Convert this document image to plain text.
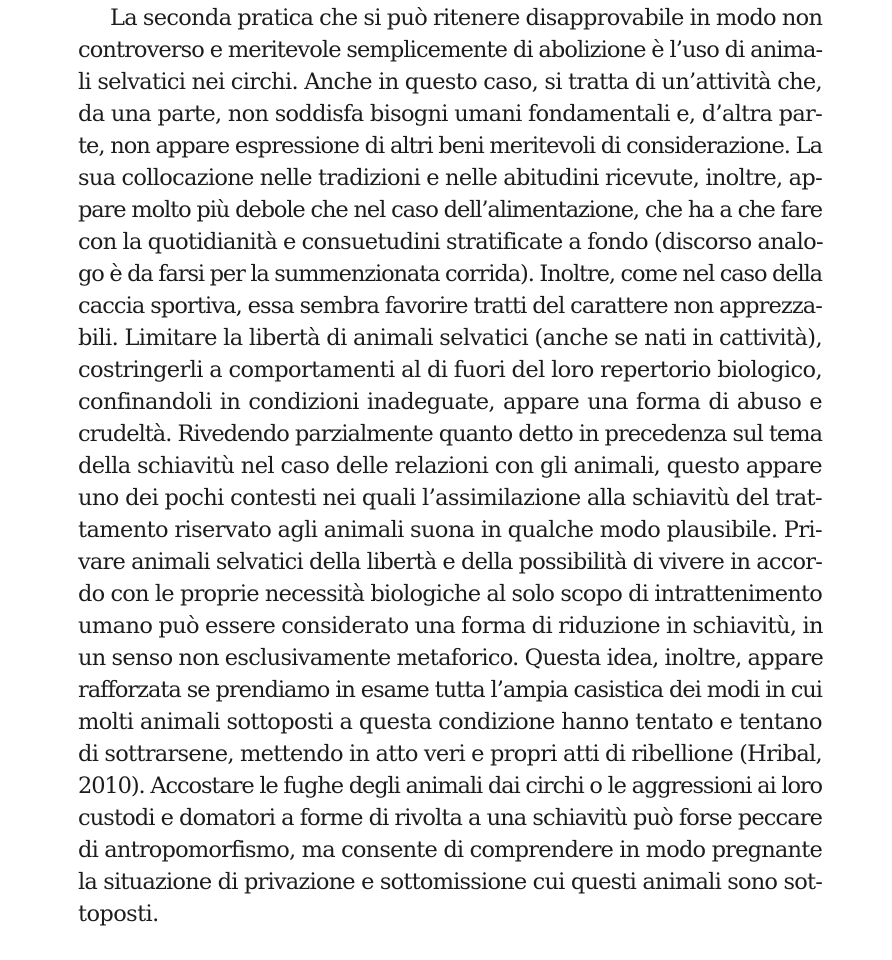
La seconda pratica che si può ritenere disapprovabile in modo non
controverso e meritevole semplicemente di abolizione è l’uso di anima-
li selvatici nei circhi. Anche in questo caso, si tratta di un’attività che,
da una parte, non soddisfa bisogni umani fondamentali e, d’altra par-
te, non appare espressione di altri beni meritevoli di considerazione. La
sua collocazione nelle tradizioni e nelle abitudini ricevute, inoltre, ap-
pare molto più debole che nel caso dell’alimentazione, che ha a che fare
con la quotidianità e consuetudini stratificate a fondo (discorso analo-
go è da farsi per la summenzionata corrida). Inoltre, come nel caso della
caccia sportiva, essa sembra favorire tratti del carattere non apprezza-
bili. Limitare la libertà di animali selvatici (anche se nati in cattività),
costringerli a comportamenti al di fuori del loro repertorio biologico,
confinandoli in condizioni inadeguate, appare una forma di abuso e
crudeltà. Rivedendo parzialmente quanto detto in precedenza sul tema
della schiavitù nel caso delle relazioni con gli animali, questo appare
uno dei pochi contesti nei quali l’assimilazione alla schiavitù del trat-
tamento riservato agli animali suona in qualche modo plausibile. Pri-
vare animali selvatici della libertà e della possibilità di vivere in accor-
do con le proprie necessità biologiche al solo scopo di intrattenimento
umano può essere considerato una forma di riduzione in schiavitù, in
un senso non esclusivamente metaforico. Questa idea, inoltre, appare
rafforzata se prendiamo in esame tutta l’ampia casistica dei modi in cui
molti animali sottoposti a questa condizione hanno tentato e tentano
di sottrarsene, mettendo in atto veri e propri atti di ribellione (Hribal,
2010). Accostare le fughe degli animali dai circhi o le aggressioni ai loro
custodi e domatori a forme di rivolta a una schiavitù può forse peccare
di antropomorfismo, ma consente di comprendere in modo pregnante
la situazione di privazione e sottomissione cui questi animali sono sot-
toposti.
